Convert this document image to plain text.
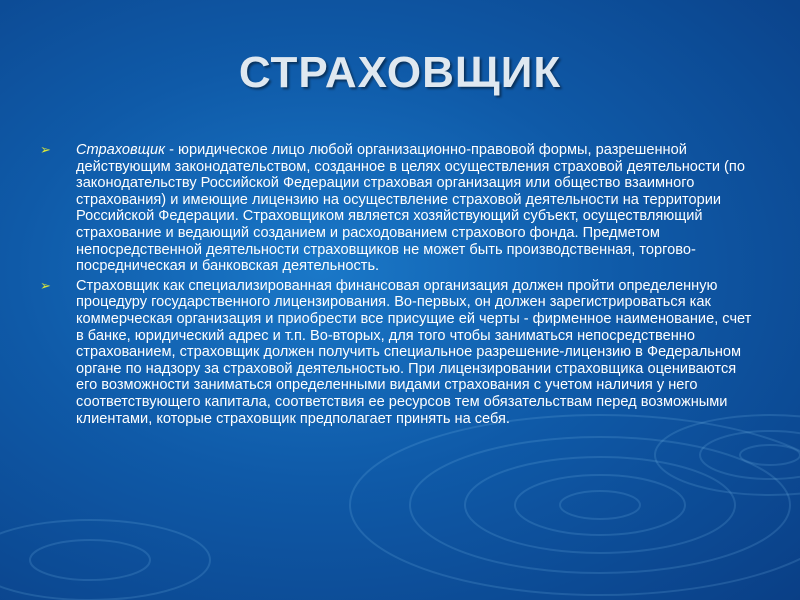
СТРАХОВЩИК
➢	Страховщик - юридическое лицо любой организационно-правовой формы, разрешенной действующим законодательством, созданное в целях осуществления страховой деятельности (по законодательству Российской Федерации страховая организация или общество взаимного страхования) и имеющие лицензию на осуществление страховой деятельности на территории Российской Федерации. Страховщиком является хозяйствующий субъект, осуществляющий страхование и ведающий созданием и расходованием страхового фонда. Предметом непосредственной деятельности страховщиков не может быть производственная, торгово-посредническая и банковская деятельность.
➢	Страховщик как специализированная финансовая организация должен пройти определенную процедуру государственного лицензирования. Во-первых, он должен зарегистрироваться как коммерческая организация и приобрести все присущие ей черты - фирменное наименование, счет в банке, юридический адрес и т.п. Во-вторых, для того чтобы заниматься непосредственно страхованием, страховщик должен получить специальное разрешение-лицензию в Федеральном органе по надзору за страховой деятельностью. При лицензировании страховщика оцениваются его возможности заниматься определенными видами страхования с учетом наличия у него соответствующего капитала, соответствия ее ресурсов тем обязательствам перед возможными клиентами, которые страховщик предполагает принять на себя.
